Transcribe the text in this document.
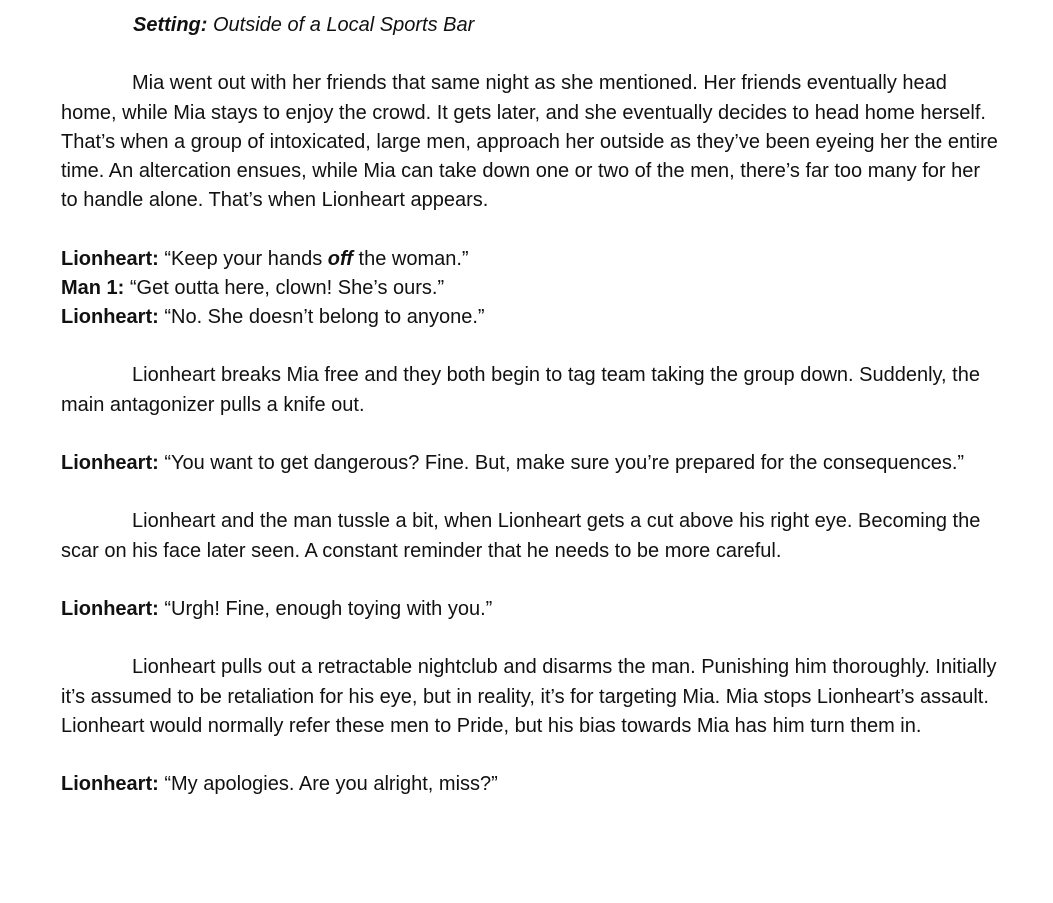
Setting: Outside of a Local Sports Bar

Mia went out with her friends that same night as she mentioned. Her friends eventually head home, while Mia stays to enjoy the crowd. It gets later, and she eventually decides to head home herself. That’s when a group of intoxicated, large men, approach her outside as they’ve been eyeing her the entire time. An altercation ensues, while Mia can take down one or two of the men, there’s far too many for her to handle alone. That’s when Lionheart appears.

Lionheart: “Keep your hands off the woman.”

Man 1: “Get outta here, clown! She’s ours.”

Lionheart: “No. She doesn’t belong to anyone.”

Lionheart breaks Mia free and they both begin to tag team taking the group down. Suddenly, the main antagonizer pulls a knife out.

Lionheart: “You want to get dangerous? Fine. But, make sure you’re prepared for the consequences.”

Lionheart and the man tussle a bit, when Lionheart gets a cut above his right eye. Becoming the scar on his face later seen. A constant reminder that he needs to be more careful.

Lionheart: “Urgh! Fine, enough toying with you.”

Lionheart pulls out a retractable nightclub and disarms the man. Punishing him thoroughly. Initially it’s assumed to be retaliation for his eye, but in reality, it’s for targeting Mia. Mia stops Lionheart’s assault. Lionheart would normally refer these men to Pride, but his bias towards Mia has him turn them in.

Lionheart: “My apologies. Are you alright, miss?”
